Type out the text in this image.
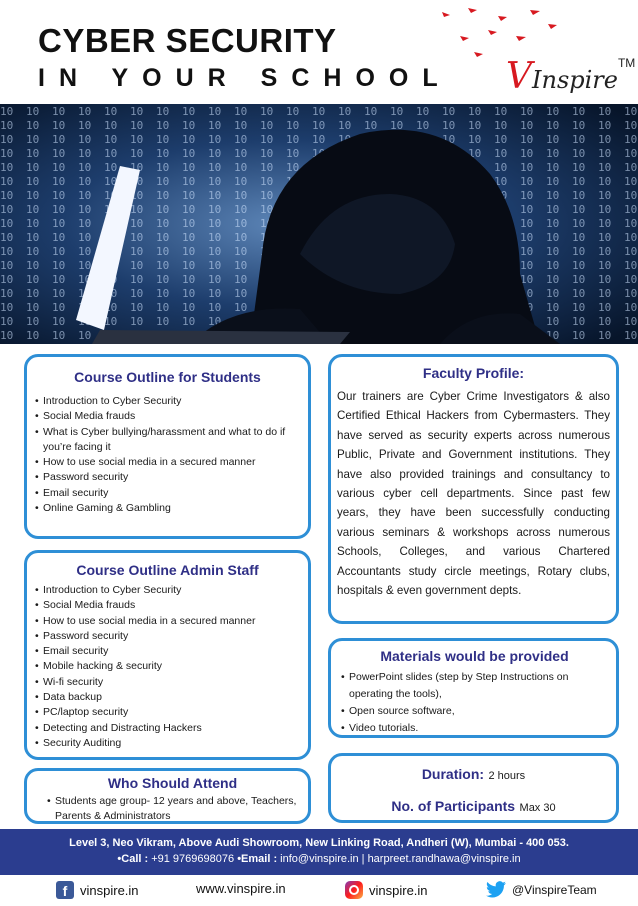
CYBER SECURITY
IN YOUR SCHOOL VInspire™
Course Outline for Students
• Introduction to Cyber Security
• Social Media frauds
• What is Cyber bullying/harassment and what to do if you’re facing it
• How to use social media in a secured manner
• Password security
• Email security
• Online Gaming & Gambling
Course Outline Admin Staff
• Introduction to Cyber Security
• Social Media frauds
• How to use social media in a secured manner
• Password security
• Email security
• Mobile hacking & security
• Wi-fi security
• Data backup
• PC/laptop security
• Detecting and Distracting Hackers
• Security Auditing
Who Should Attend
• Students age group- 12 years and above, Teachers, Parents & Administrators
Faculty Profile:

Our trainers are Cyber Crime Investigators & also Certified Ethical Hackers from Cybermasters. They have served as security experts across numerous Public, Private and Government institutions. They have also provided trainings and consultancy to various cyber cell departments. Since past few years, they have been successfully conducting various seminars & workshops across numerous Schools, Colleges, and various Chartered Accountants study circle meetings, Rotary clubs, hospitals & even government depts.

Materials would be provided
• PowerPoint slides (step by Step Instructions on operating the tools),
• Open source software,
• Video tutorials.
Duration: 2 hours
No. of Participants Max 30
Level 3, Neo Vikram, Above Audi Showroom, New Linking Road, Andheri (W), Mumbai - 400 053.
•Call : +91 9769698076 •Email : info@vinspire.in | harpreet.randhawa@vinspire.in
f vinspire.in	www.vinspire.in	vinspire.in	@VinspireTeam
